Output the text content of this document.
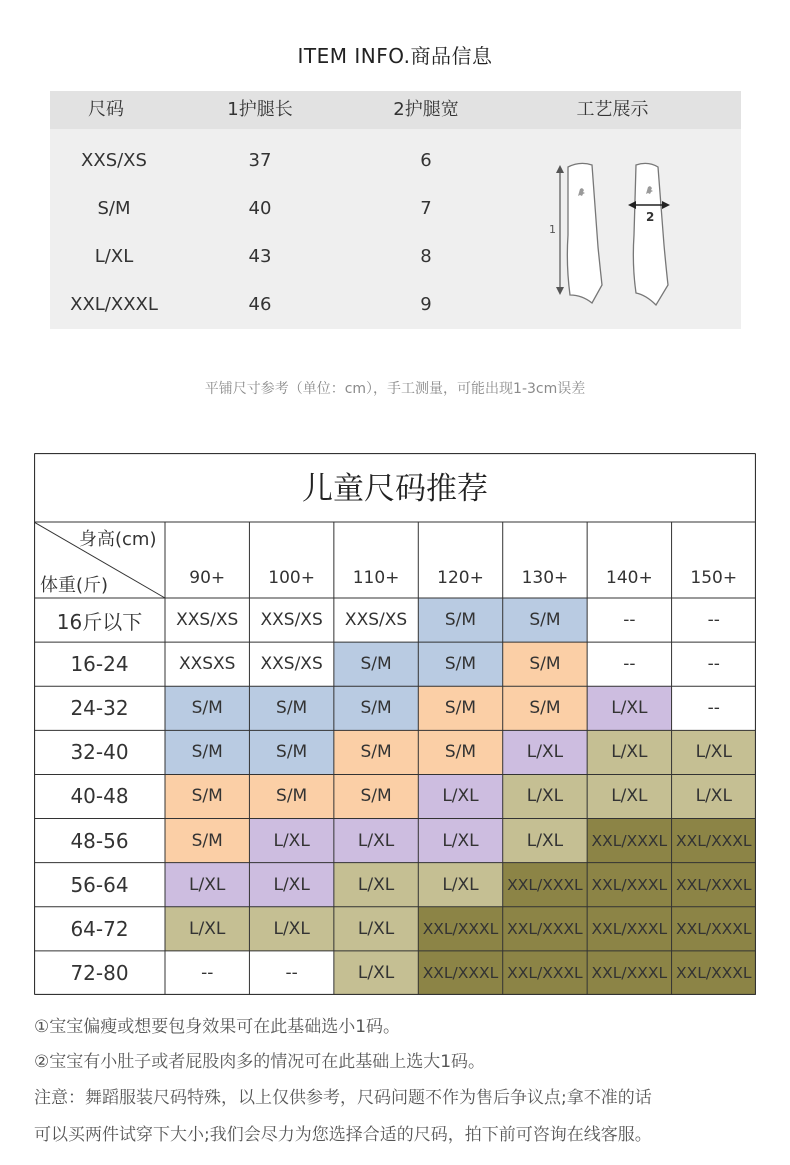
ITEM INFO.商品信息
尺码	1护腿长	2护腿宽	工艺展示
XXS/XS	37	6
S/M	40	7
L/XL	43	8
XXL/XXXL	46	9
1
2
平铺尺寸参考（单位：cm），手工测量，可能出现1-3cm误差
儿童尺码推荐
身高(cm)
体重(斤)	90+	100+	110+	120+	130+	140+	150+
16斤以下	XXS/XS	XXS/XS	XXS/XS	S/M	S/M	--	--
16-24	XXSXS	XXS/XS	S/M	S/M	S/M	--	--
24-32	S/M	S/M	S/M	S/M	S/M	L/XL	--
32-40	S/M	S/M	S/M	S/M	L/XL	L/XL	L/XL
40-48	S/M	S/M	S/M	L/XL	L/XL	L/XL	L/XL
48-56	S/M	L/XL	L/XL	L/XL	L/XL	XXL/XXXL XXL/XXXL
56-64	L/XL	L/XL	L/XL	L/XL	XXL/XXXL XXL/XXXL XXL/XXXL
64-72	L/XL	L/XL	L/XL	XXL/XXXL XXL/XXXL XXL/XXXL XXL/XXXL
72-80	--	--	L/XL	XXL/XXXL XXL/XXXL XXL/XXXL XXL/XXXL
①宝宝偏瘦或想要包身效果可在此基础选小1码。
②宝宝有小肚子或者屁股肉多的情况可在此基础上选大1码。
注意：舞蹈服装尺码特殊，以上仅供参考，尺码问题不作为售后争议点;拿不准的话
可以买两件试穿下大小;我们会尽力为您选择合适的尺码，拍下前可咨询在线客服。
